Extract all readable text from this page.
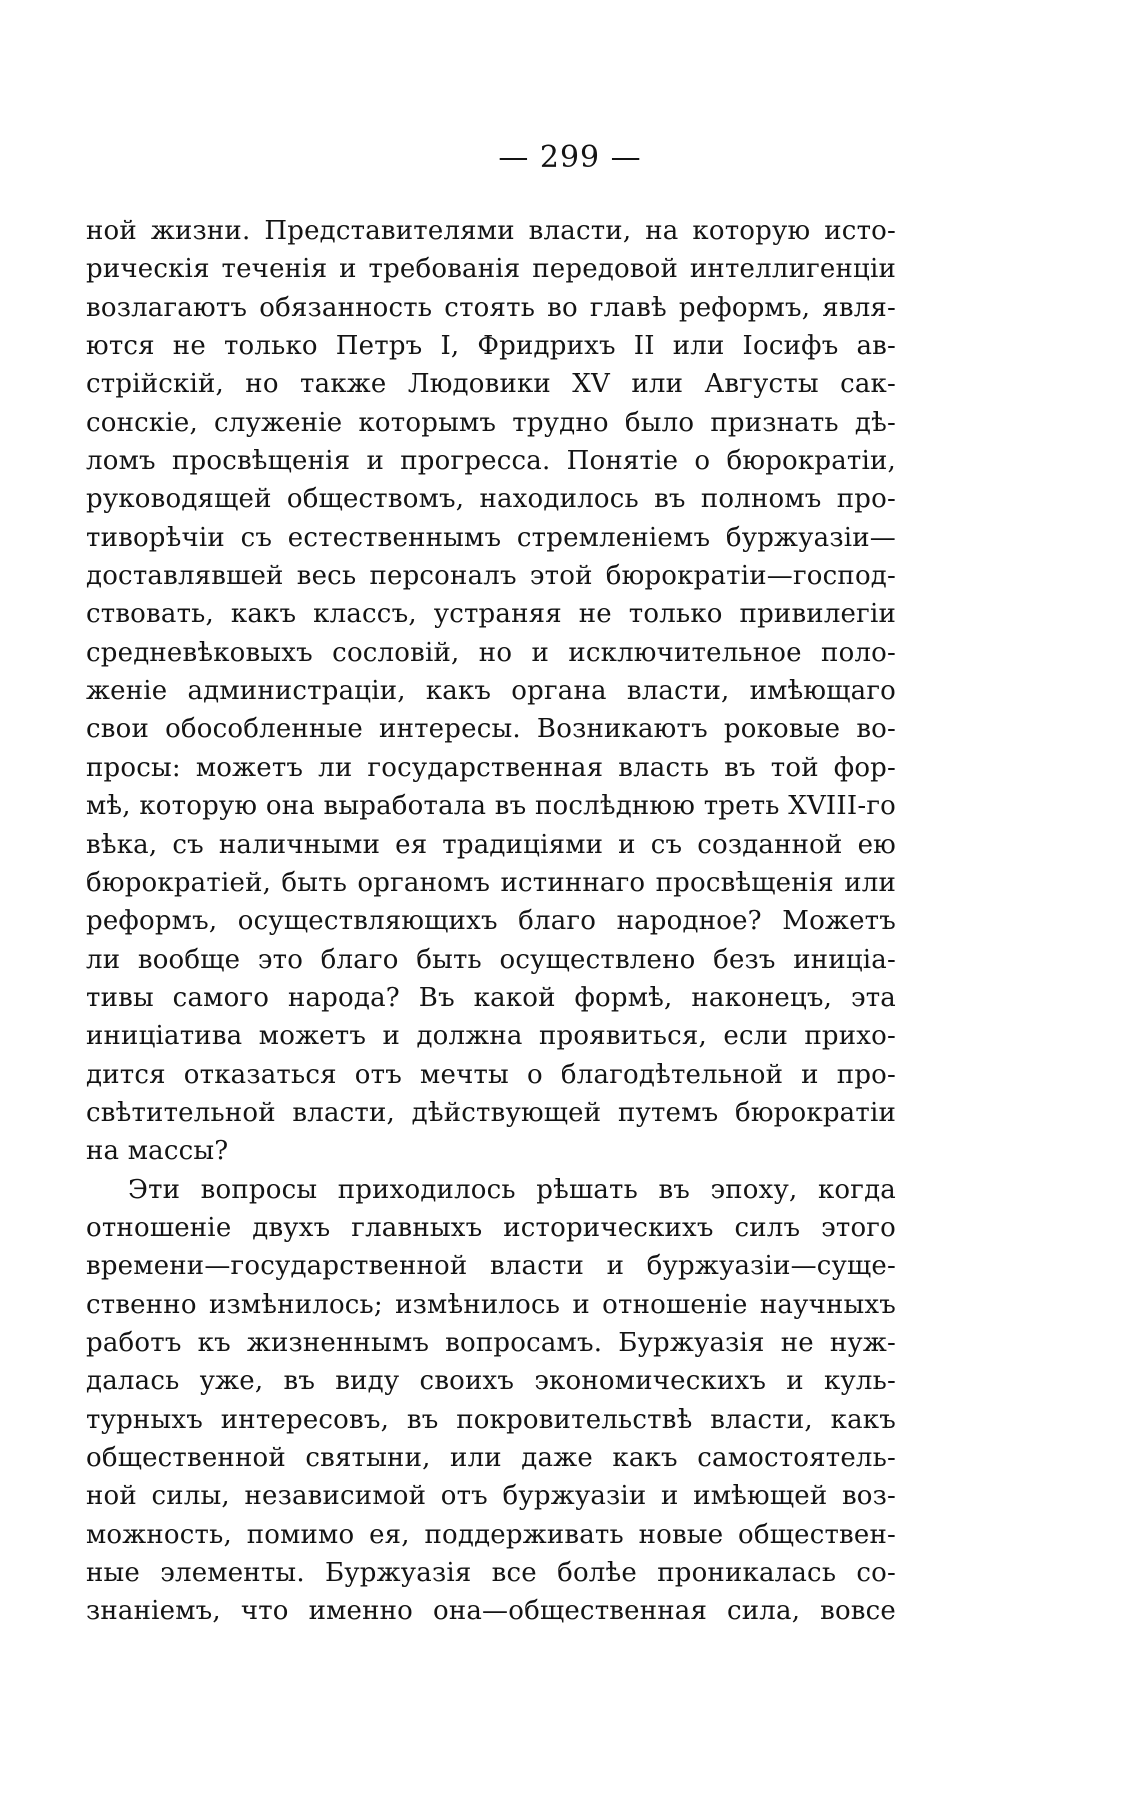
— 299 —
ной жизни. Представителями власти, на которую исто-
рическія теченія и требованія передовой интеллигенціи
возлагаютъ обязанность стоять во главѣ реформъ, явля-
ются не только Петръ I, Фридрихъ II или Іосифъ ав-
стрійскій, но также Людовики XV или Августы сак-
сонскіе, служеніе которымъ трудно было признать дѣ-
ломъ просвѣщенія и прогресса. Понятіе о бюрократіи,
руководящей обществомъ, находилось въ полномъ про-
тиворѣчіи съ естественнымъ стремленіемъ буржуазіи—
доставлявшей весь персоналъ этой бюрократіи—господ-
ствовать, какъ классъ, устраняя не только привилегіи
средневѣковыхъ сословій, но и исключительное поло-
женіе администраціи, какъ органа власти, имѣющаго
свои обособленные интересы. Возникаютъ роковые во-
просы: можетъ ли государственная власть въ той фор-
мѣ, которую она выработала въ послѣднюю треть XVIII-го
вѣка, съ наличными ея традиціями и съ созданной ею
бюрократіей, быть органомъ истиннаго просвѣщенія или
реформъ, осуществляющихъ благо народное? Можетъ
ли вообще это благо быть осуществлено безъ иниціа-
тивы самого народа? Въ какой формѣ, наконецъ, эта
иниціатива можетъ и должна проявиться, если прихо-
дится отказаться отъ мечты о благодѣтельной и про-
свѣтительной власти, дѣйствующей путемъ бюрократіи
на массы?
Эти вопросы приходилось рѣшать въ эпоху, когда
отношеніе двухъ главныхъ историческихъ силъ этого
времени—государственной власти и буржуазіи—суще-
ственно измѣнилось; измѣнилось и отношеніе научныхъ
работъ къ жизненнымъ вопросамъ. Буржуазія не нуж-
далась уже, въ виду своихъ экономическихъ и куль-
турныхъ интересовъ, въ покровительствѣ власти, какъ
общественной святыни, или даже какъ самостоятель-
ной силы, независимой отъ буржуазіи и имѣющей воз-
можность, помимо ея, поддерживать новые обществен-
ные элементы. Буржуазія все болѣе проникалась со-
знаніемъ, что именно она—общественная сила, вовсе
